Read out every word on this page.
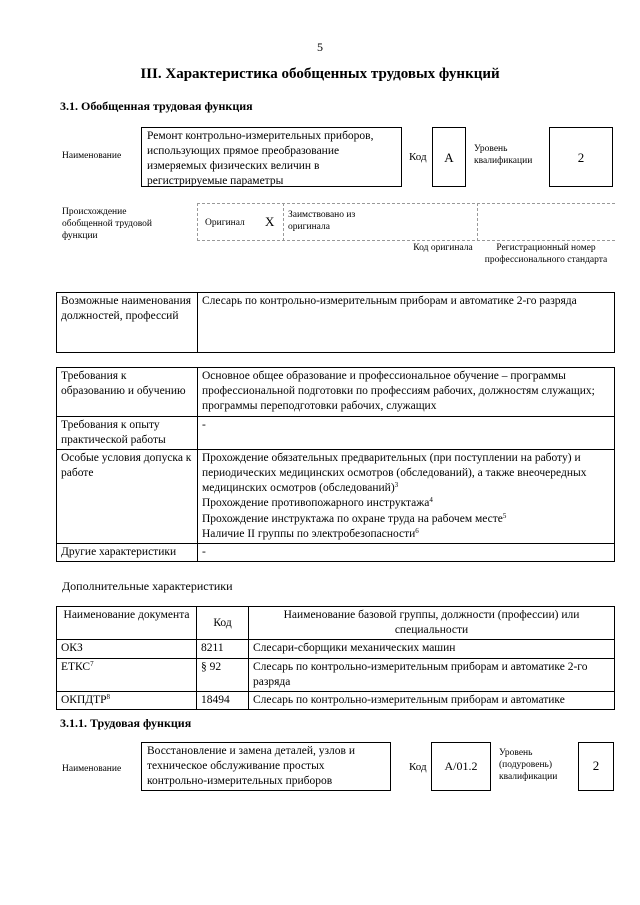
5
III. Характеристика обобщенных трудовых функций
3.1. Обобщенная трудовая функция
Наименование
Ремонт контрольно-измерительных приборов, использующих прямое преобразование измеряемых физических величин в регистрируемые параметры
Код	А
Уровень квалификации	2
Происхождение обобщенной трудовой функции
Оригинал Х Заимствовано из оригинала
Код оригинала	Регистрационный номер профессионального стандарта
Возможные наименования должностей, профессий	Слесарь по контрольно-измерительным приборам и автоматике 2-го разряда
Требования к образованию и обучению	Основное общее образование и профессиональное обучение – программы профессиональной подготовки по профессиям рабочих, должностям служащих; программы переподготовки рабочих, служащих
Требования к опыту практической работы	-
Особые условия допуска к работе	Прохождение обязательных предварительных (при поступлении на работу) и периодических медицинских осмотров (обследований), а также внеочередных медицинских осмотров (обследований)$^3$
Прохождение противопожарного инструктажа$^4$
Прохождение инструктажа по охране труда на рабочем месте$^5$
Наличие II группы по электробезопасности$^6$

Другие характеристики	-
Дополнительные характеристики
Наименование документа	Код	Наименование базовой группы, должности (профессии) или специальности
ОКЗ	8211	Слесари-сборщики механических машин
ЕТКС$^7$	§ 92	Слесарь по контрольно-измерительным приборам и автоматике 2-го разряда
ОКПДТР$^8$	18494	Слесарь по контрольно-измерительным приборам и автоматике
3.1.1. Трудовая функция
Наименование
Восстановление и замена деталей, узлов и техническое обслуживание простых контрольно-измерительных приборов
Код	A/01.2
Уровень (подуровень) квалификации
2
